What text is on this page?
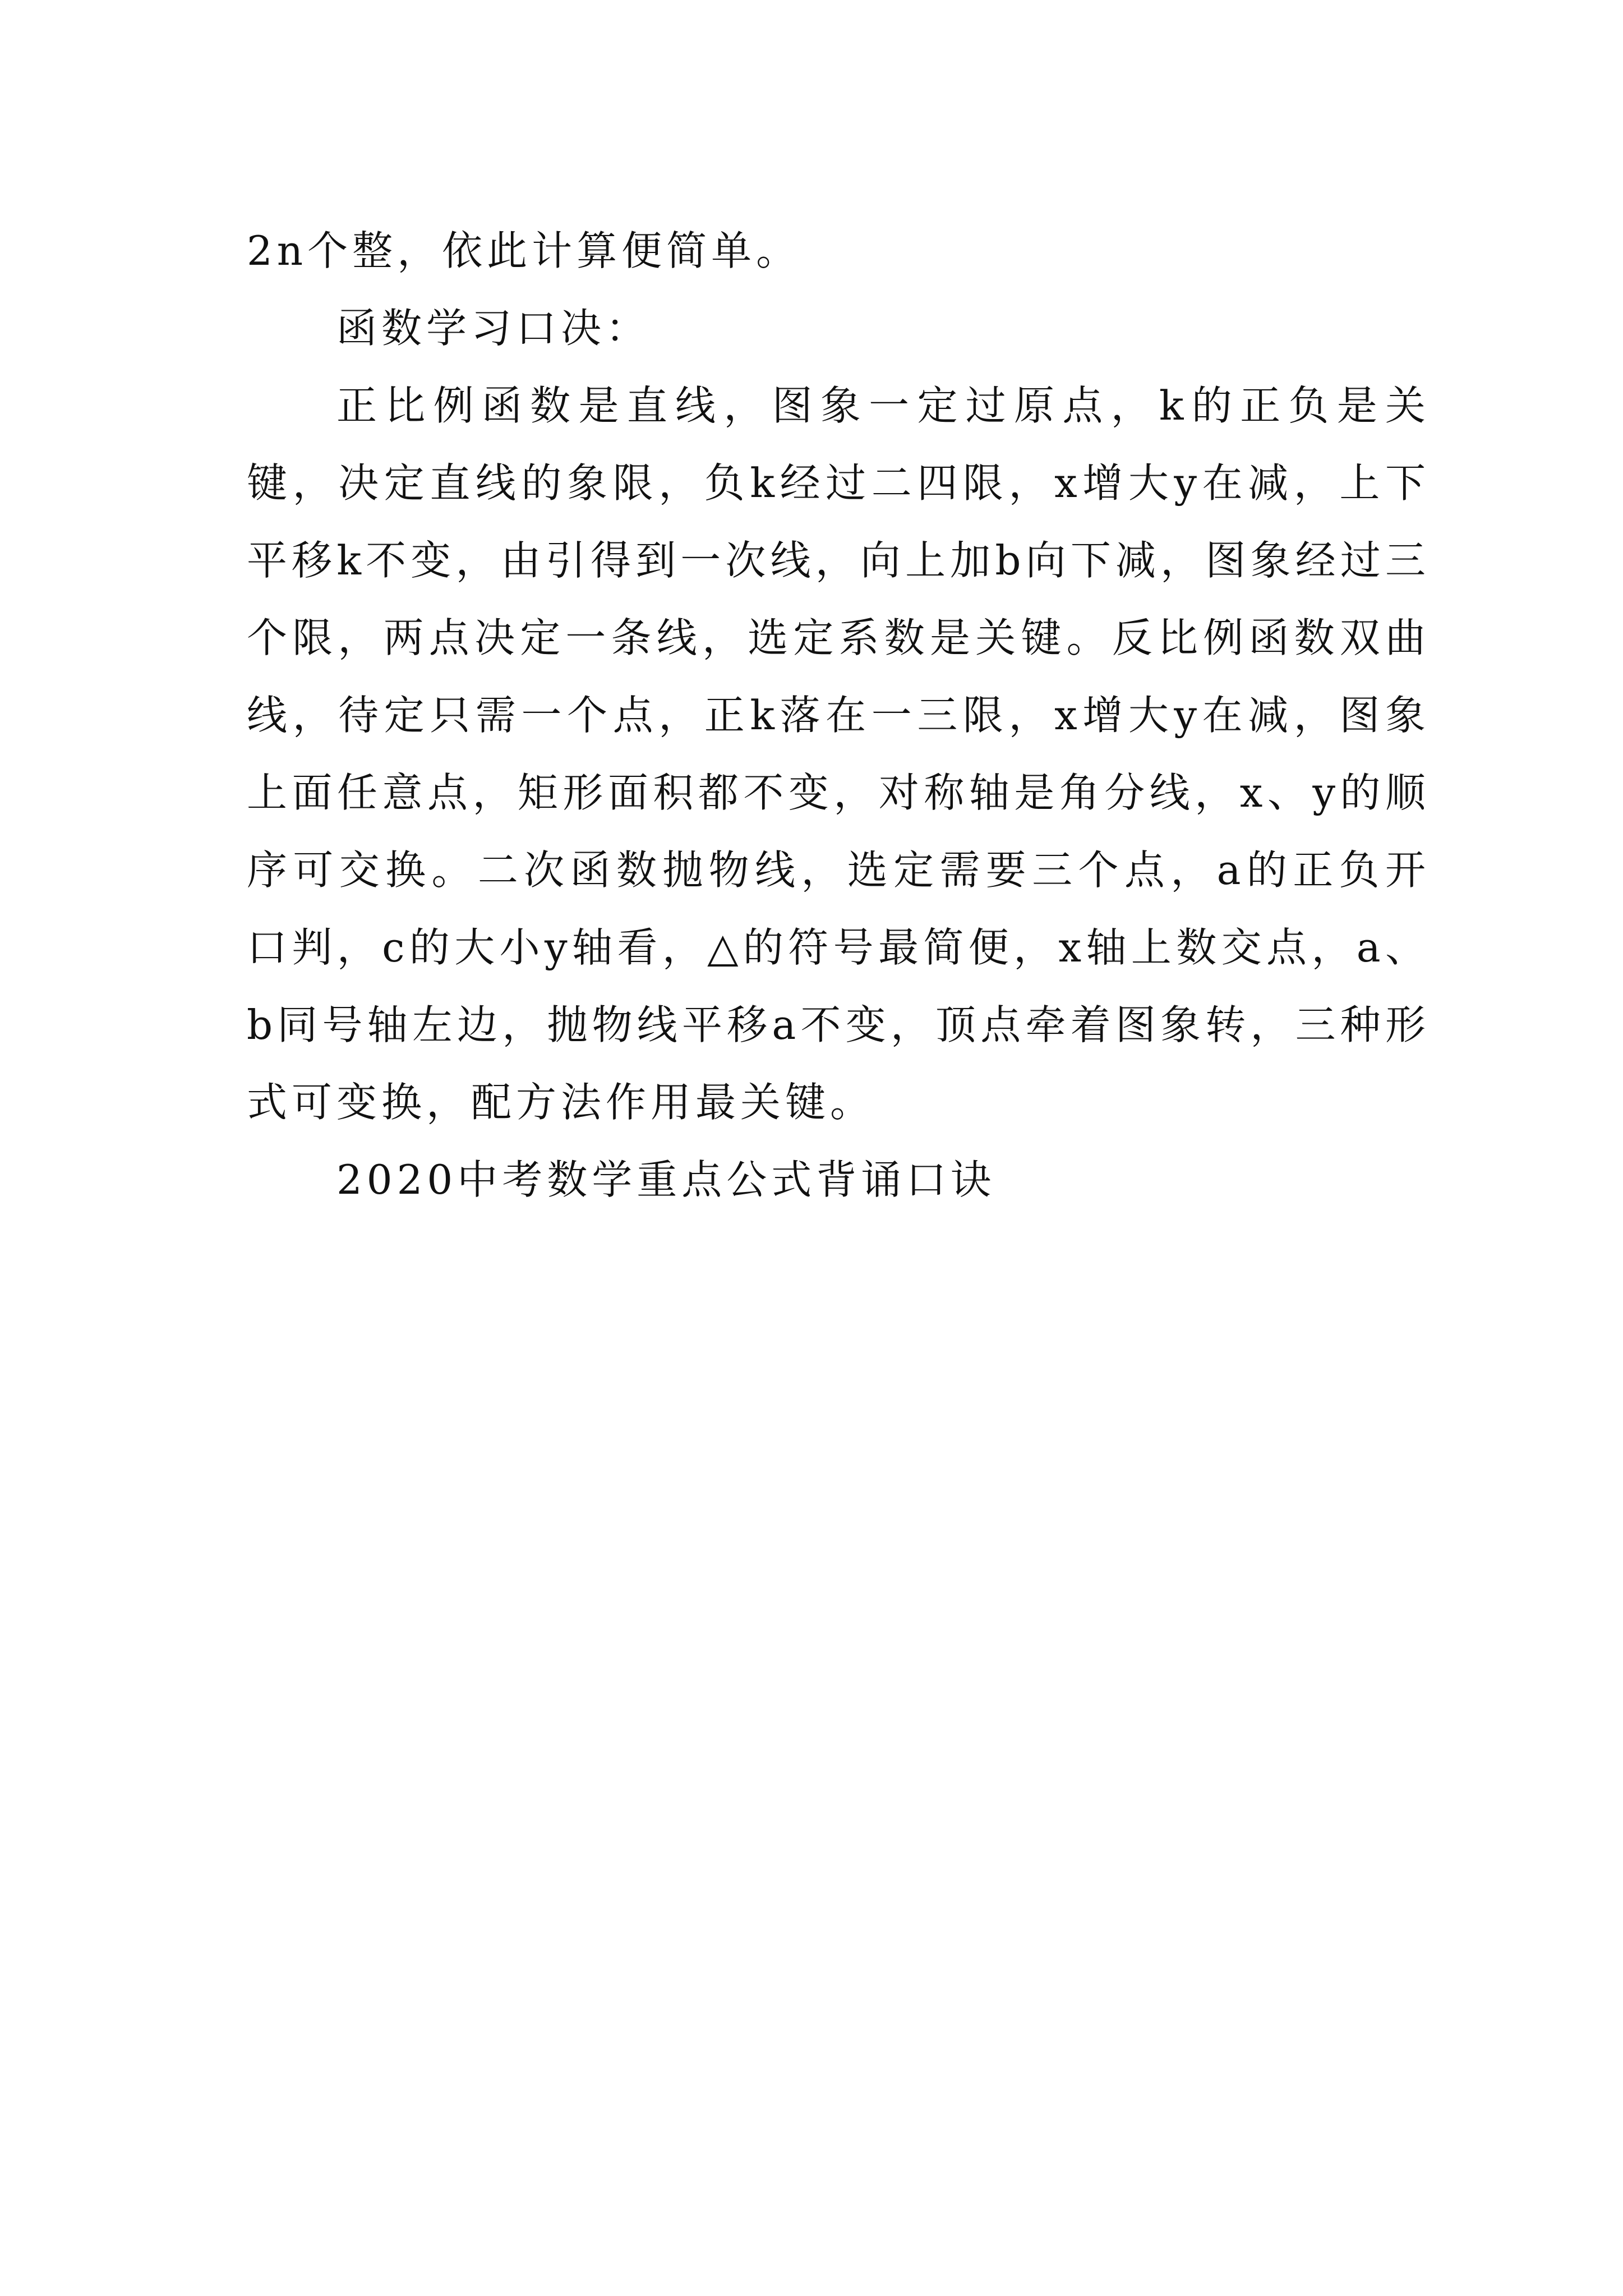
2n个整，依此计算便简单。

函数学习口决：

正比例函数是直线，图象一定过原点，k的正负是关键，决定直线的象限，负k经过二四限，x增大y在减，上下平移k不变，由引得到一次线，向上加b向下减，图象经过三个限，两点决定一条线，选定系数是关键。反比例函数双曲线，待定只需一个点，正k落在一三限，x增大y在减，图象上面任意点，矩形面积都不变，对称轴是角分线，x、y的顺序可交换。二次函数抛物线，选定需要三个点，a的正负开口判，c的大小y轴看，△的符号最简便，x轴上数交点，a、b同号轴左边，抛物线平移a不变，顶点牵着图象转，三种形式可变换，配方法作用最关键。

2020中考数学重点公式背诵口诀
